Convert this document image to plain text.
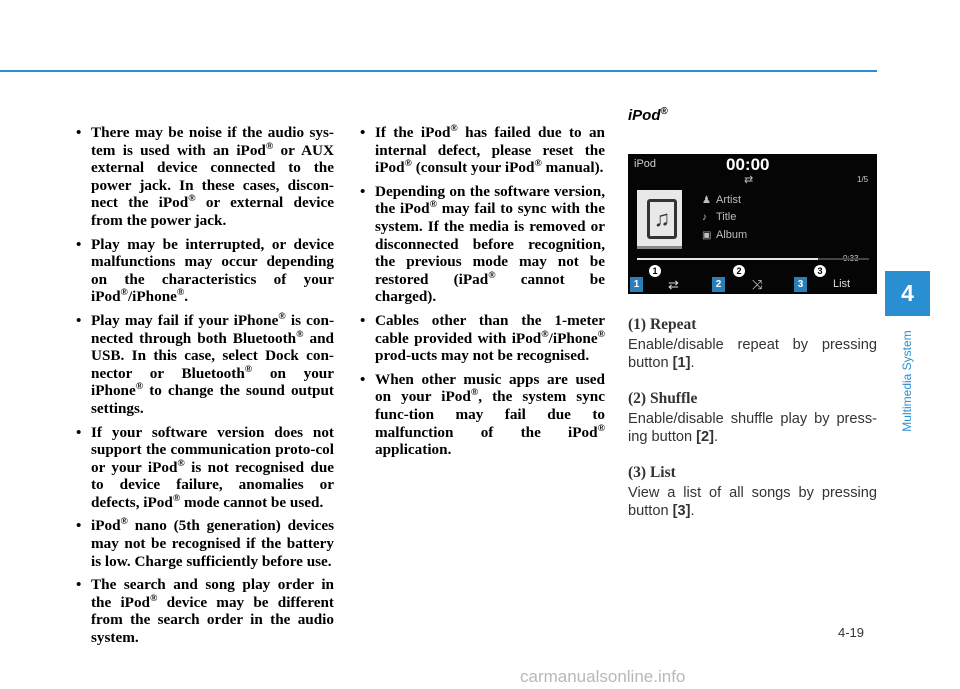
• There may be noise if the audio sys-tem is used with an iPod® or AUX external device connected to the power jack. In these cases, discon-nect the iPod® or external device from the power jack.
• Play may be interrupted, or device malfunctions may occur depending on the characteristics of your iPod®/iPhone®.
• Play may fail if your iPhone® is con-nected through both Bluetooth® and USB. In this case, select Dock con-nector or Bluetooth® on your iPhone® to change the sound output settings.
• If your software version does not support the communication proto-col or your iPod® is not recognised due to device failure, anomalies or defects, iPod® mode cannot be used.
• iPod® nano (5th generation) devices may not be recognised if the battery is low. Charge sufficiently before use.
• The search and song play order in the iPod® device may be different from the search order in the audio system.
• If the iPod® has failed due to an internal defect, please reset the iPod® (consult your iPod® manual).
• Depending on the software version, the iPod® may fail to sync with the system. If the media is removed or disconnected before recognition, the previous mode may not be restored (iPad® cannot be charged).
• Cables other than the 1-meter cable provided with iPod®/iPhone® prod-ucts may not be recognised.
• When other music apps are used on your iPod®, the system sync func-tion may fail due to malfunction of the iPod® application.
iPod®
iPod	00:00
⇄	1/5
♫
♟ Artist
♪ Title
▣ Album
1	2	3
1 ⇄	2 ⤨	3	List
(1) Repeat
Enable/disable repeat by pressing button [1].
(2) Shuffle
Enable/disable shuffle play by press-ing button [2].
(3) List
View a list of all songs by pressing button [3].
4
Multimedia System
4-19
carmanualsonline.info
